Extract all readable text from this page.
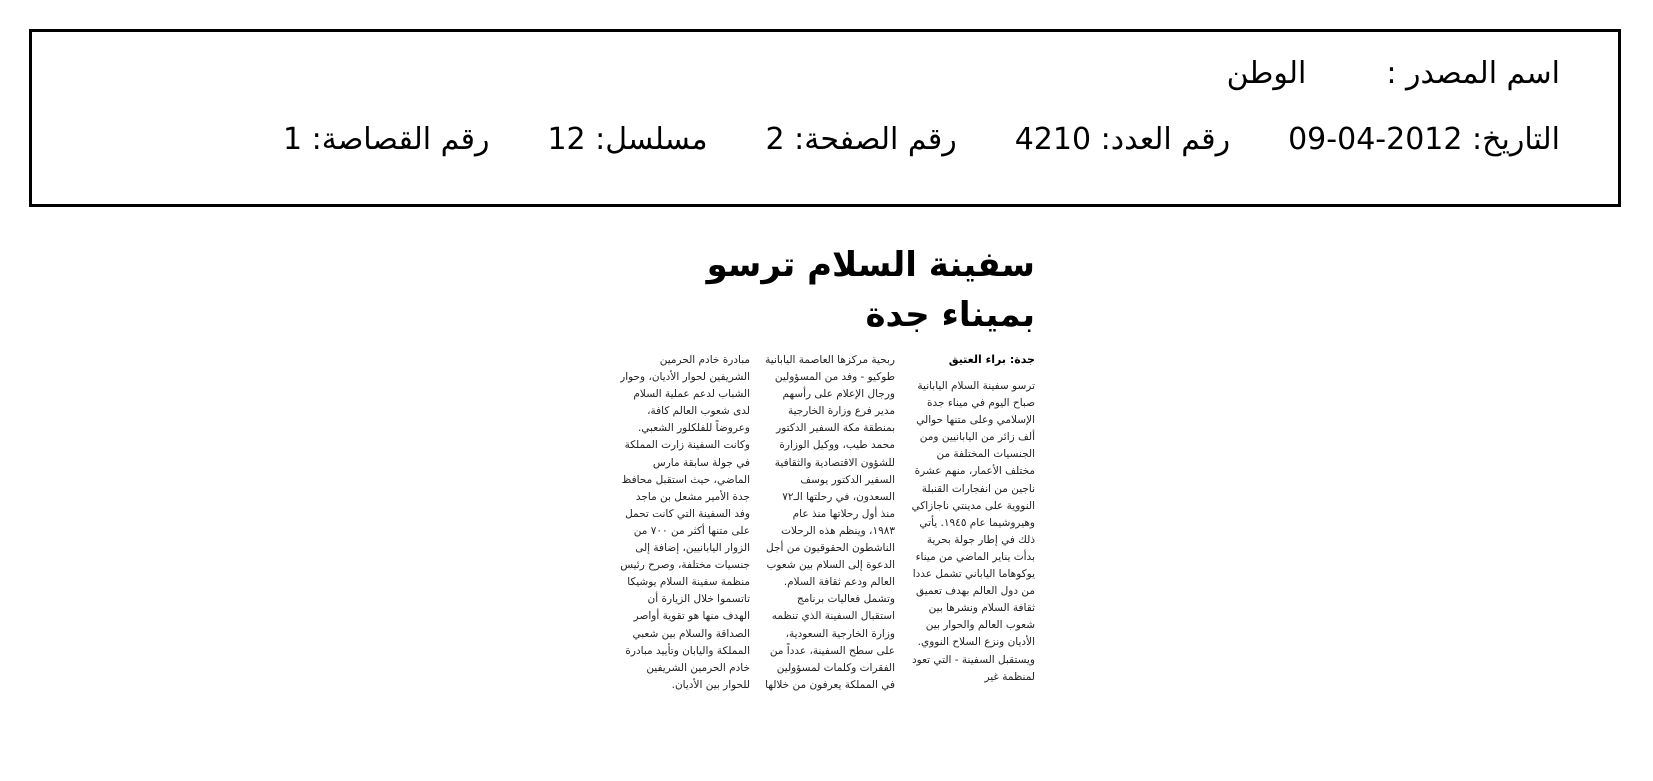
اسم المصدر :الوطن
التاريخ: 2012-04-09رقم العدد: 4210رقم الصفحة: 2مسلسل: 12رقم القصاصة: 1
سفينة السلام ترسو
بميناء جدة
جدة: براء العتيق
ترسو سفينة السلام اليابانية صباح اليوم في ميناء جدة الإسلامي وعلى متنها حوالي ألف زائر من اليابانيين ومن الجنسيات المختلفة من مختلف الأعمار، منهم عشرة ناجين من انفجارات القنبلة النووية على مدينتي ناجازاكي وهيروشيما عام ١٩٤٥. يأتي ذلك في إطار جولة بحرية بدأت يناير الماضي من ميناء يوكوهاما الياباني تشمل عددا من دول العالم بهدف تعميق ثقافة السلام ونشرها بين شعوب العالم والحوار بين الأديان ونزع السلاح النووي. ويستقبل السفينة - التي تعود لمنظمة غير
ربحية مركزها العاصمة اليابانية طوكيو - وفد من المسؤولين ورجال الإعلام على رأسهم مدير فرع وزارة الخارجية بمنطقة مكة السفير الدكتور محمد طيب، ووكيل الوزارة للشؤون الاقتصادية والثقافية السفير الدكتور يوسف السعدون، في رحلتها الـ٧٢ منذ أول رحلاتها منذ عام ١٩٨٣، وينظم هذه الرحلات الناشطون الحقوقيون من أجل الدعوة إلى السلام بين شعوب العالم ودعم ثقافة السلام. وتشمل فعاليات برنامج استقبال السفينة الذي تنظمه وزارة الخارجية السعودية، على سطح السفينة، عدداً من الفقرات وكلمات لمسؤولين في المملكة يعرفون من خلالها
مبادرة خادم الحرمين الشريفين لحوار الأديان، وحوار الشباب لدعم عملية السلام لدى شعوب العالم كافة، وعروضاً للفلكلور الشعبي. وكانت السفينة زارت المملكة في جولة سابقة مارس الماضي، حيث استقبل محافظ جدة الأمير مشعل بن ماجد وفد السفينة التي كانت تحمل على متنها أكثر من ٧٠٠ من الزوار اليابانيين، إضافة إلى جنسيات مختلفة، وصرح رئيس منظمة سفينة السلام يوشيكا تاتسموا خلال الزيارة أن الهدف منها هو تقوية أواصر الصداقة والسلام بين شعبي المملكة واليابان وتأييد مبادرة خادم الحرمين الشريفين للحوار بين الأديان.
